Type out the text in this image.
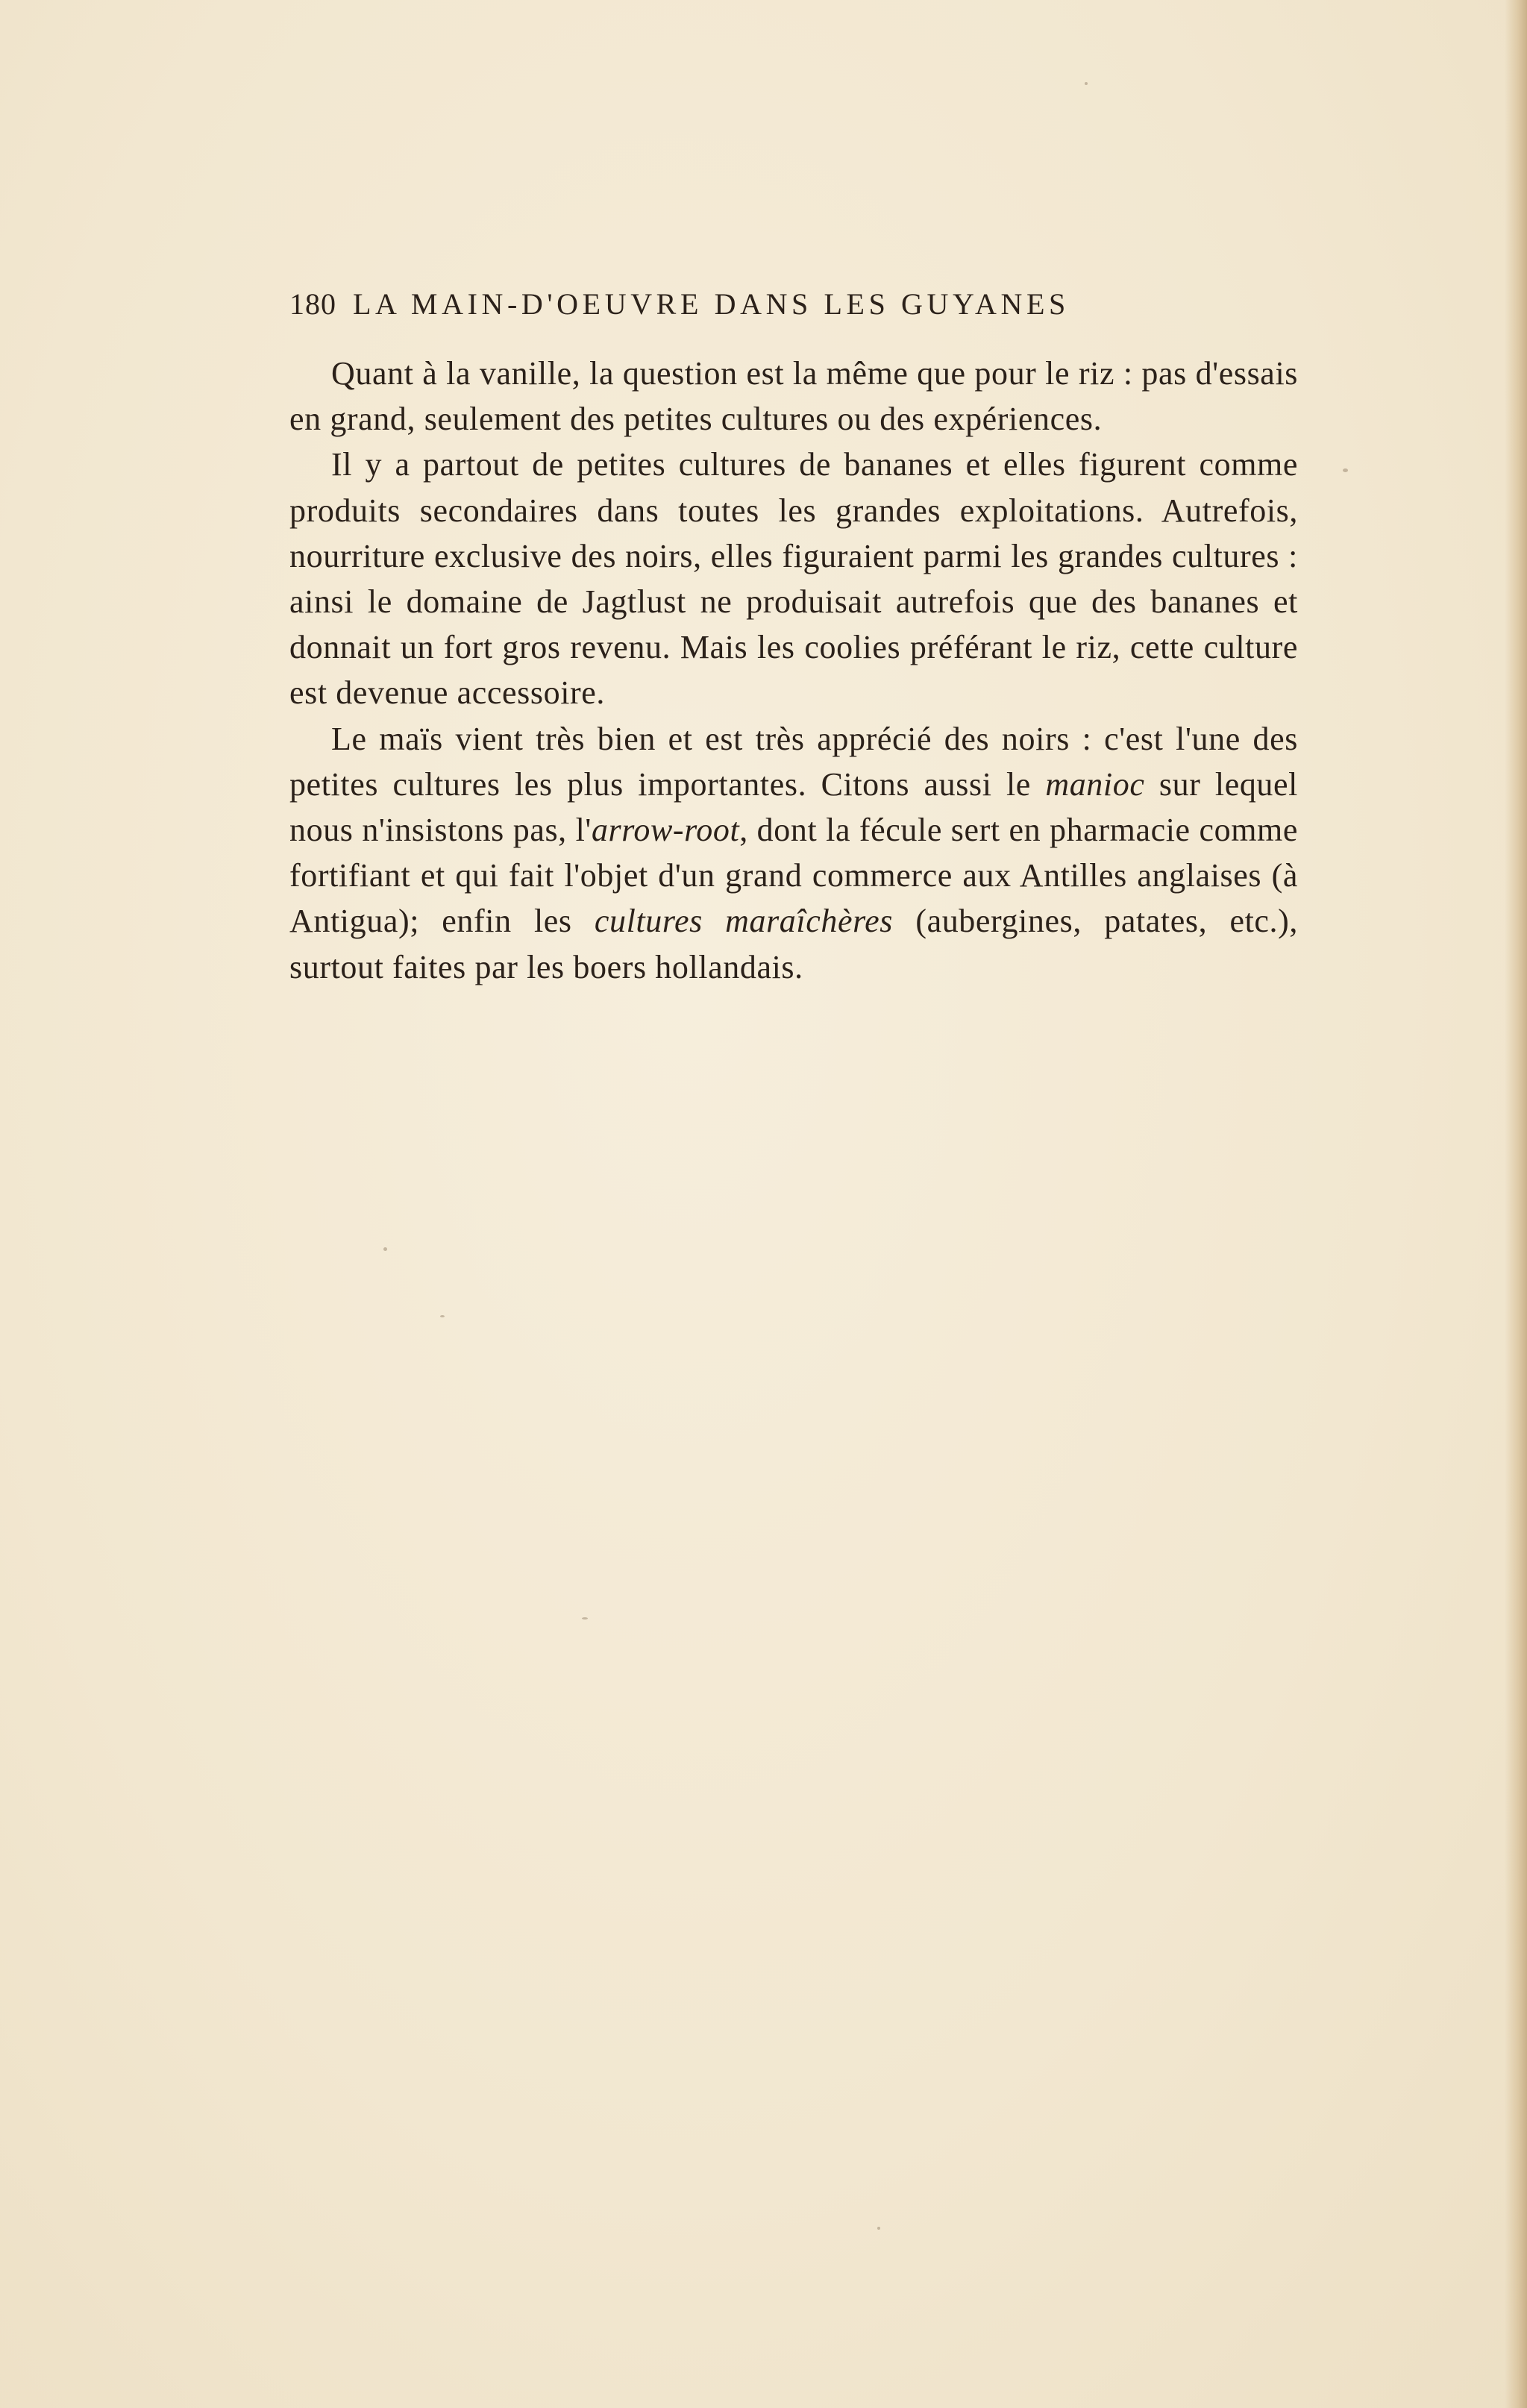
180 LA MAIN-D'OEUVRE DANS LES GUYANES

Quant à la vanille, la question est la même que pour le riz : pas d'essais en grand, seulement des petites cultures ou des expériences.

Il y a partout de petites cultures de bananes et elles figurent comme produits secondaires dans toutes les grandes exploitations. Autrefois, nourriture exclusive des noirs, elles figuraient parmi les grandes cultures : ainsi le domaine de Jagtlust ne produisait autrefois que des bananes et donnait un fort gros revenu. Mais les coolies préférant le riz, cette culture est devenue accessoire.

Le maïs vient très bien et est très apprécié des noirs : c'est l'une des petites cultures les plus importantes. Citons aussi le manioc sur lequel nous n'insistons pas, l'arrow-root, dont la fécule sert en pharmacie comme fortifiant et qui fait l'objet d'un grand commerce aux Antilles anglaises (à Antigua); enfin les cultures maraîchères (aubergines, patates, etc.), surtout faites par les boers hollandais.
